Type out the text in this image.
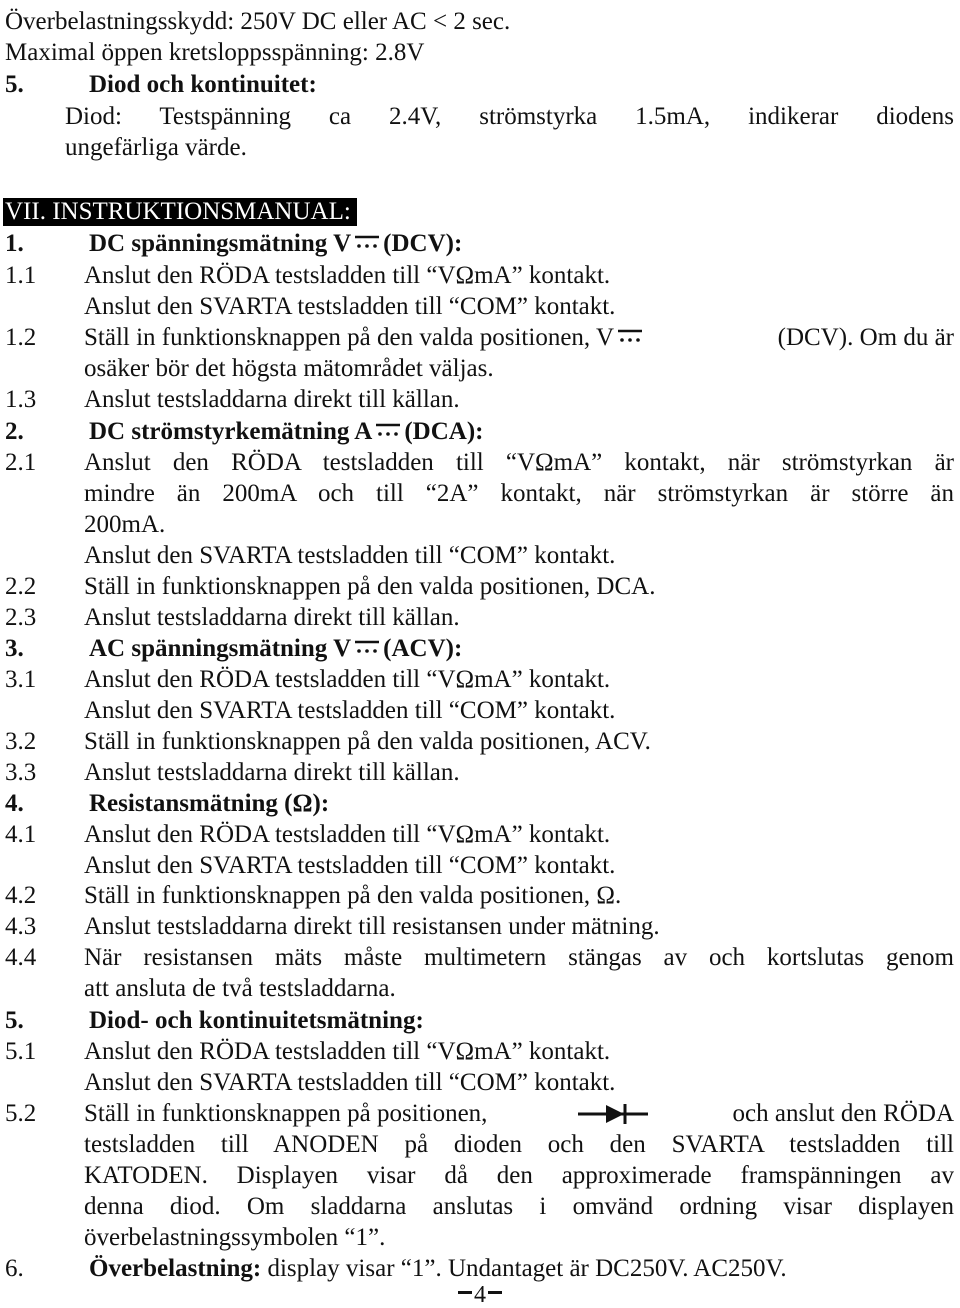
Överbelastningsskydd: 250V DC eller AC < 2 sec.
Maximal öppen kretsloppsspänning: 2.8V
5.	Diod och kontinuitet:
Diod: Testspänning ca 2.4V, strömstyrka 1.5mA, indikerar diodens
ungefärliga värde.
VII. INSTRUKTIONSMANUAL:
1.	DC spänningsmätning V (DCV):
1.1 Anslut den RÖDA testsladden till “VΩmA” kontakt.
Anslut den SVARTA testsladden till “COM” kontakt.
1.2 Ställ in funktionsknappen på den valda positionen, V	(DCV). Om du är
osäker bör det högsta mätområdet väljas.
1.3 Anslut testsladdarna direkt till källan.
2.	DC strömstyrkemätning A (DCA):
2.1 Anslut den RÖDA testsladden till “VΩmA” kontakt, när strömstyrkan är
mindre än 200mA och till “2A” kontakt, när strömstyrkan är större än
200mA.
Anslut den SVARTA testsladden till “COM” kontakt.
2.2 Ställ in funktionsknappen på den valda positionen, DCA.
2.3 Anslut testsladdarna direkt till källan.
3.	AC spänningsmätning V (ACV):
3.1 Anslut den RÖDA testsladden till “VΩmA” kontakt.
Anslut den SVARTA testsladden till “COM” kontakt.
3.2 Ställ in funktionsknappen på den valda positionen, ACV.
3.3 Anslut testsladdarna direkt till källan.
4.	Resistansmätning (Ω):
4.1 Anslut den RÖDA testsladden till “VΩmA” kontakt.
Anslut den SVARTA testsladden till “COM” kontakt.
4.2 Ställ in funktionsknappen på den valda positionen, Ω.
4.3 Anslut testsladdarna direkt till resistansen under mätning.
4.4 När resistansen mäts måste multimetern stängas av och kortslutas genom
att ansluta de två testsladdarna.
5.	Diod- och kontinuitetsmätning:
5.1 Anslut den RÖDA testsladden till “VΩmA” kontakt.
Anslut den SVARTA testsladden till “COM” kontakt.
5.2 Ställ in funktionsknappen på positionen,	och anslut den RÖDA
testsladden till ANODEN på dioden och den SVARTA testsladden till
KATODEN. Displayen visar då den approximerade framspänningen av
denna diod. Om sladdarna anslutas i omvänd ordning visar displayen
överbelastningssymbolen “1”.
6.	Överbelastning: display visar “1”. Undantaget är DC250V. AC250V.
4
